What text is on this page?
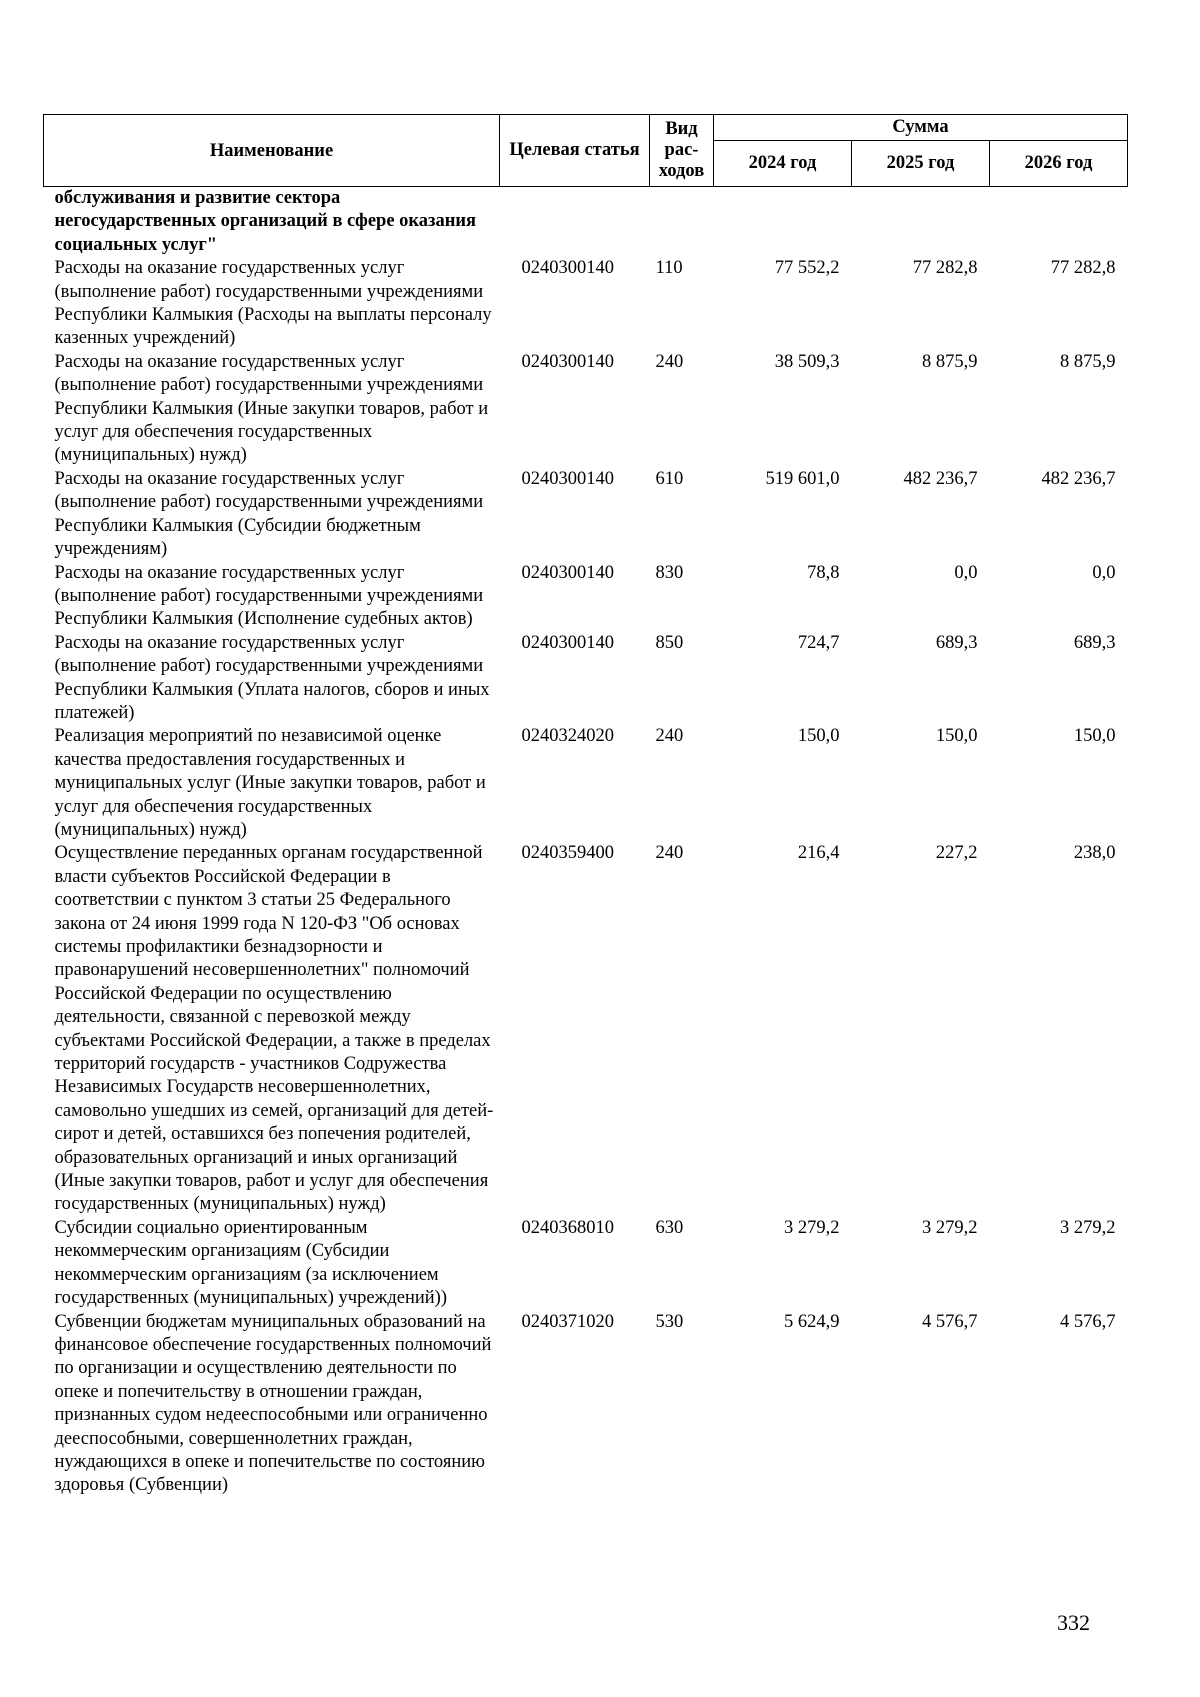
Наименование	Целевая статья	Вид рас-ходов	Сумма		
			2024 год	2025 год	2026 год
обслуживания и развитие сектора негосударственных организаций в сфере оказания социальных услуг"					
Расходы на оказание государственных услуг (выполнение работ) государственными учреждениями Республики Калмыкия (Расходы на выплаты персоналу казенных учреждений)	0240300140	110	77 552,2	77 282,8	77 282,8
Расходы на оказание государственных услуг (выполнение работ) государственными учреждениями Республики Калмыкия (Иные закупки товаров, работ и услуг для обеспечения государственных (муниципальных) нужд)	0240300140	240	38 509,3	8 875,9	8 875,9
Расходы на оказание государственных услуг (выполнение работ) государственными учреждениями Республики Калмыкия (Субсидии бюджетным учреждениям)	0240300140	610	519 601,0	482 236,7	482 236,7
Расходы на оказание государственных услуг (выполнение работ) государственными учреждениями Республики Калмыкия (Исполнение судебных актов)	0240300140	830	78,8	0,0	0,0
Расходы на оказание государственных услуг (выполнение работ) государственными учреждениями Республики Калмыкия (Уплата налогов, сборов и иных платежей)	0240300140	850	724,7	689,3	689,3
Реализация мероприятий по независимой оценке качества предоставления государственных и муниципальных услуг (Иные закупки товаров, работ и услуг для обеспечения государственных (муниципальных) нужд)	0240324020	240	150,0	150,0	150,0
Осуществление переданных органам государственной власти субъектов Российской Федерации в соответствии с пунктом 3 статьи 25 Федерального закона от 24 июня 1999 года N 120-ФЗ "Об основах системы профилактики безнадзорности и правонарушений несовершеннолетних" полномочий Российской Федерации по осуществлению деятельности, связанной с перевозкой между субъектами Российской Федерации, а также в пределах территорий государств - участников Содружества Независимых Государств несовершеннолетних, самовольно ушедших из семей, организаций для детей-сирот и детей, оставшихся без попечения родителей, образовательных организаций и иных организаций (Иные закупки товаров, работ и услуг для обеспечения государственных (муниципальных) нужд)	0240359400	240	216,4	227,2	238,0
Субсидии социально ориентированным некоммерческим организациям (Субсидии некоммерческим организациям (за исключением государственных (муниципальных) учреждений))	0240368010	630	3 279,2	3 279,2	3 279,2
Субвенции бюджетам муниципальных образований на финансовое обеспечение государственных полномочий по организации и осуществлению деятельности по опеке и попечительству в отношении граждан, признанных судом недееспособными или ограниченно дееспособными, совершеннолетних граждан, нуждающихся в опеке и попечительстве по состоянию здоровья (Субвенции)	0240371020	530	5 624,9	4 576,7	4 576,7
332
